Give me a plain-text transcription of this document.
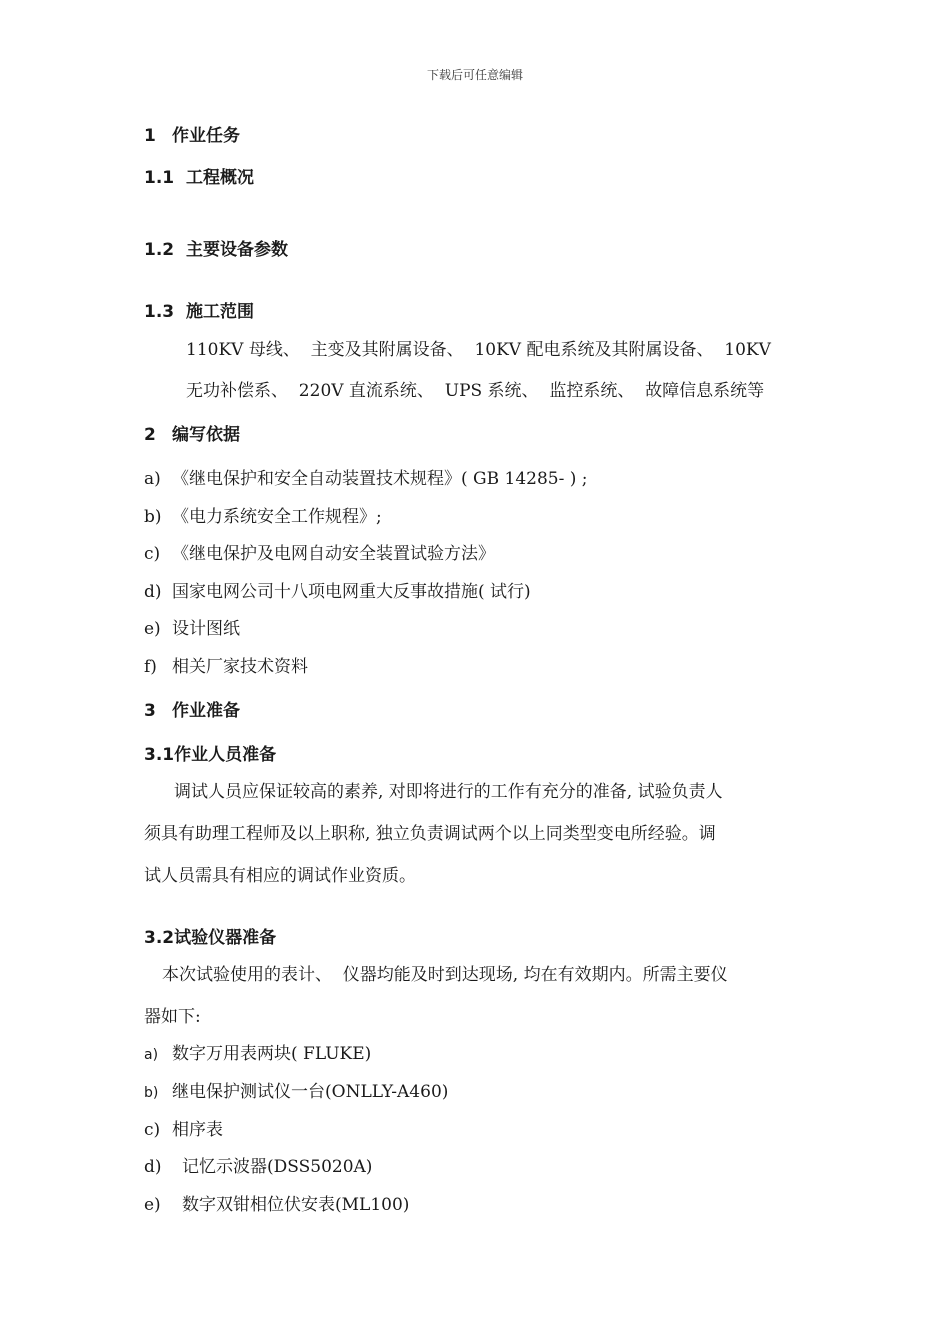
下载后可任意编辑
1 作业任务
1.1 工程概况
1.2 主要设备参数
1.3 施工范围
110KV 母线、  主变及其附属设备、  10KV 配电系统及其附属设备、  10KV
无功补偿系、  220V 直流系统、  UPS 系统、  监控系统、  故障信息系统等
2 编写依据
a) 《继电保护和安全自动装置技术规程》( GB 14285- ) ;
b) 《电力系统安全工作规程》;
c) 《继电保护及电网自动安全装置试验方法》
d) 国家电网公司十八项电网重大反事故措施( 试行)
e) 设计图纸
f) 相关厂家技术资料
3 作业准备
3.1作业人员准备
调试人员应保证较高的素养, 对即将进行的工作有充分的准备, 试验负责人
须具有助理工程师及以上职称, 独立负责调试两个以上同类型变电所经验。调
试人员需具有相应的调试作业资质。
3.2试验仪器准备
本次试验使用的表计、  仪器均能及时到达现场, 均在有效期内。所需主要仪
器如下:
a) 数字万用表两块( FLUKE)
b) 继电保护测试仪一台(ONLLY-A460)
c) 相序表
d) 记忆示波器(DSS5020A)
e) 数字双钳相位伏安表(ML100)
